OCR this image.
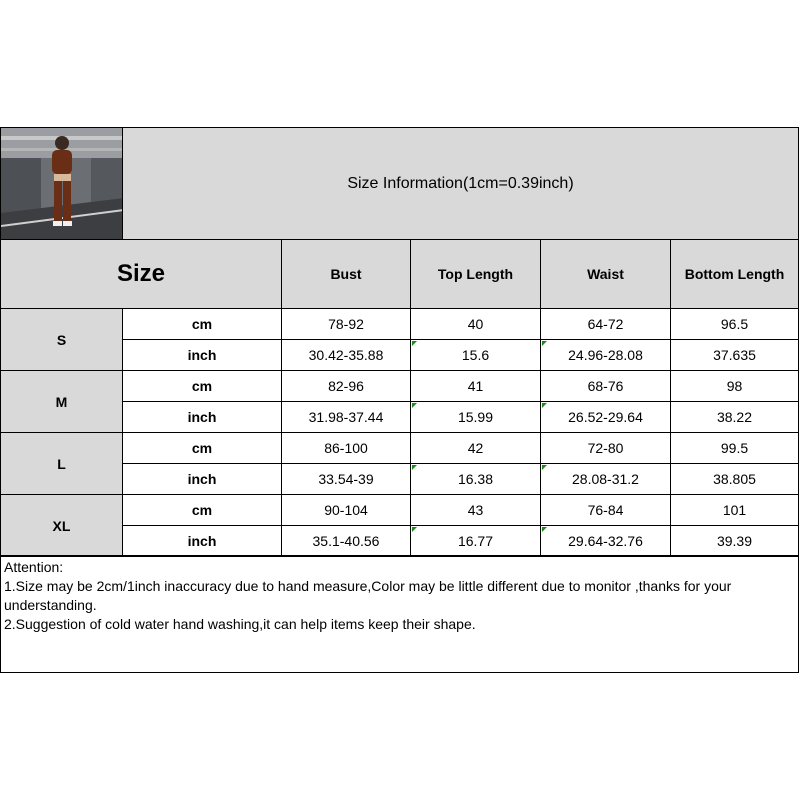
Size Information(1cm=0.39inch)
Size	Bust	Top Length	Waist	Bottom Length
S
cm	78-92	40	64-72	96.5
inch	30.42-35.88	15.6	24.96-28.08	37.635
M
cm	82-96	41	68-76	98
inch	31.98-37.44	15.99	26.52-29.64	38.22
L
cm	86-100	42	72-80	99.5
inch	33.54-39	16.38	28.08-31.2	38.805
XL
cm	90-104	43	76-84	101
inch	35.1-40.56	16.77	29.64-32.76	39.39
Attention:
1.Size may be 2cm/1inch inaccuracy due to hand measure,Color may be little different due to monitor ,thanks for your understanding.
2.Suggestion of cold water hand washing,it can help items keep their shape.
